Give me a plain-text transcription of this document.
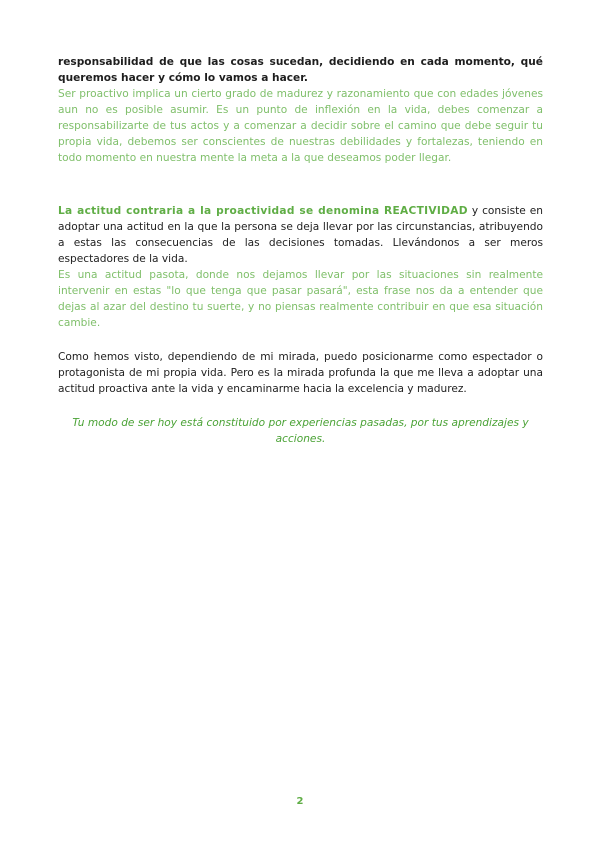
responsabilidad de que las cosas sucedan, decidiendo en cada momento, qué queremos hacer y cómo lo vamos a hacer.

Ser proactivo implica un cierto grado de madurez y razonamiento que con edades jóvenes aun no es posible asumir. Es un punto de inflexión en la vida, debes comenzar a responsabilizarte de tus actos y a comenzar a decidir sobre el camino que debe seguir tu propia vida, debemos ser conscientes de nuestras debilidades y fortalezas, teniendo en todo momento en nuestra mente la meta a la que deseamos poder llegar.

La actitud contraria a la proactividad se denomina REACTIVIDAD y consiste en adoptar una actitud en la que la persona se deja llevar por las circunstancias, atribuyendo a estas las consecuencias de las decisiones tomadas. Llevándonos a ser meros espectadores de la vida.

Es una actitud pasota, donde nos dejamos llevar por las situaciones sin realmente intervenir en estas "lo que tenga que pasar pasará", esta frase nos da a entender que dejas al azar del destino tu suerte, y no piensas realmente contribuir en que esa situación cambie.

Como hemos visto, dependiendo de mi mirada, puedo posicionarme como espectador o protagonista de mi propia vida. Pero es la mirada profunda la que me lleva a adoptar una actitud proactiva ante la vida y encaminarme hacia la excelencia y madurez.

Tu modo de ser hoy está constituido por experiencias pasadas, por tus aprendizajes y acciones.

2
